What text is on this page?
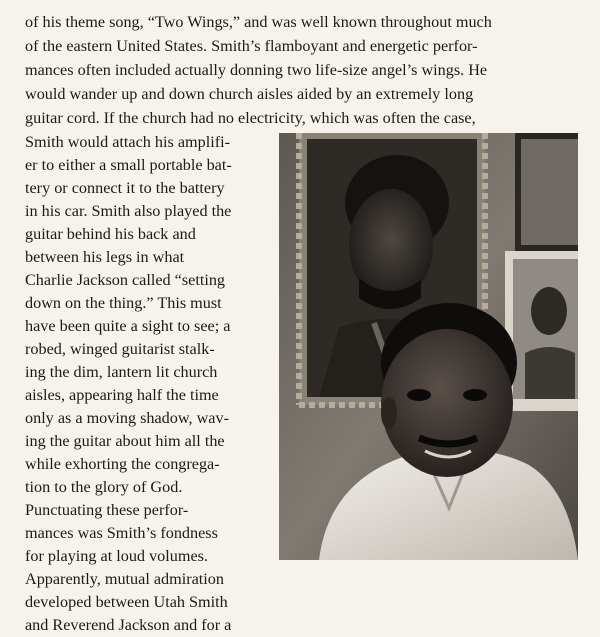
of his theme song, “Two Wings,” and was well known throughout much
of the eastern United States. Smith’s flamboyant and energetic perfor-
mances often included actually donning two life-size angel’s wings. He
would wander up and down church aisles aided by an extremely long
guitar cord. If the church had no electricity, which was often the case,
Smith would attach his amplifi-
er to either a small portable bat-
tery or connect it to the battery
in his car. Smith also played the
guitar behind his back and
between his legs in what
Charlie Jackson called “setting
down on the thing.” This must
have been quite a sight to see; a
robed, winged guitarist stalk-
ing the dim, lantern lit church
aisles, appearing half the time
only as a moving shadow, wav-
ing the guitar about him all the
while exhorting the congrega-
tion to the glory of God.
Punctuating these perfor-
mances was Smith’s fondness
for playing at loud volumes.
Apparently, mutual admiration
developed between Utah Smith
and Reverend Jackson and for a
